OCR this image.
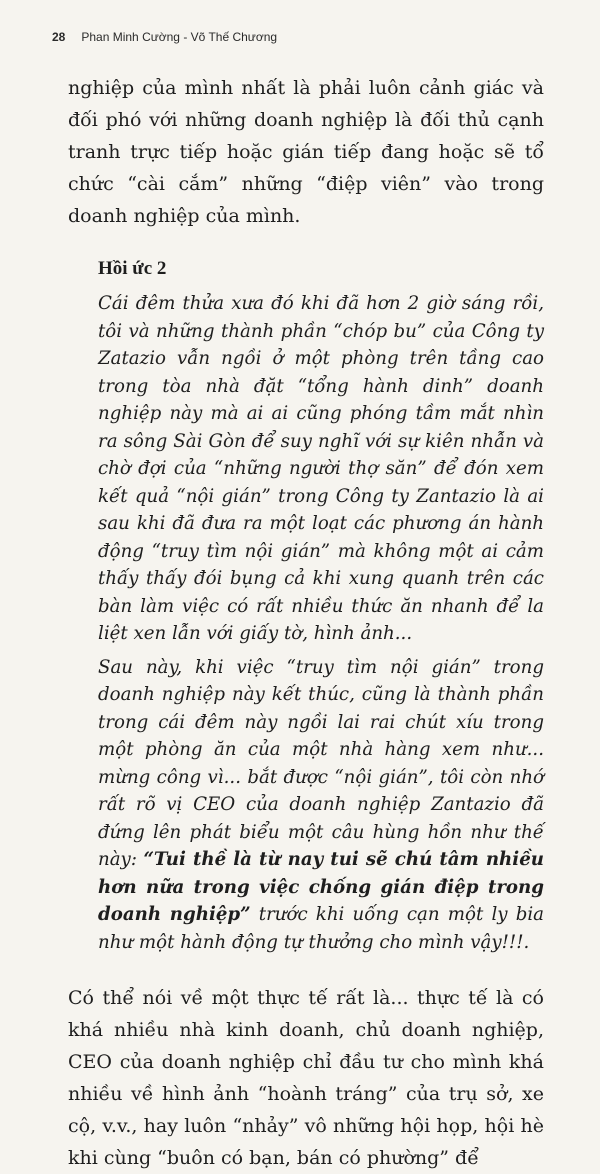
28 Phan Minh Cường - Võ Thế Chương

nghiệp của mình nhất là phải luôn cảnh giác và đối phó với những doanh nghiệp là đối thủ cạnh tranh trực tiếp hoặc gián tiếp đang hoặc sẽ tổ chức “cài cắm” những “điệp viên” vào trong doanh nghiệp của mình.

Hồi ức 2

Cái đêm thửa xưa đó khi đã hơn 2 giờ sáng rồi, tôi và những thành phần “chóp bu” của Công ty Zatazio vẫn ngồi ở một phòng trên tầng cao trong tòa nhà đặt “tổng hành dinh” doanh nghiệp này mà ai ai cũng phóng tầm mắt nhìn ra sông Sài Gòn để suy nghĩ với sự kiên nhẫn và chờ đợi của “những người thợ săn” để đón xem kết quả “nội gián” trong Công ty Zantazio là ai sau khi đã đưa ra một loạt các phương án hành động “truy tìm nội gián” mà không một ai cảm thấy thấy đói bụng cả khi xung quanh trên các bàn làm việc có rất nhiều thức ăn nhanh để la liệt xen lẫn với giấy tờ, hình ảnh...

Sau này, khi việc “truy tìm nội gián” trong doanh nghiệp này kết thúc, cũng là thành phần trong cái đêm này ngồi lai rai chút xíu trong một phòng ăn của một nhà hàng xem như... mừng công vì... bắt được “nội gián”, tôi còn nhớ rất rõ vị CEO của doanh nghiệp Zantazio đã đứng lên phát biểu một câu hùng hồn như thế này: “Tui thề là từ nay tui sẽ chú tâm nhiều hơn nữa trong việc chống gián điệp trong doanh nghiệp” trước khi uống cạn một ly bia như một hành động tự thưởng cho mình vậy!!!.

Có thể nói về một thực tế rất là... thực tế là có khá nhiều nhà kinh doanh, chủ doanh nghiệp, CEO của doanh nghiệp chỉ đầu tư cho mình khá nhiều về hình ảnh “hoành tráng” của trụ sở, xe cộ, v.v., hay luôn “nhảy” vô những hội họp, hội hè khi cùng “buôn có bạn, bán có phường” để
